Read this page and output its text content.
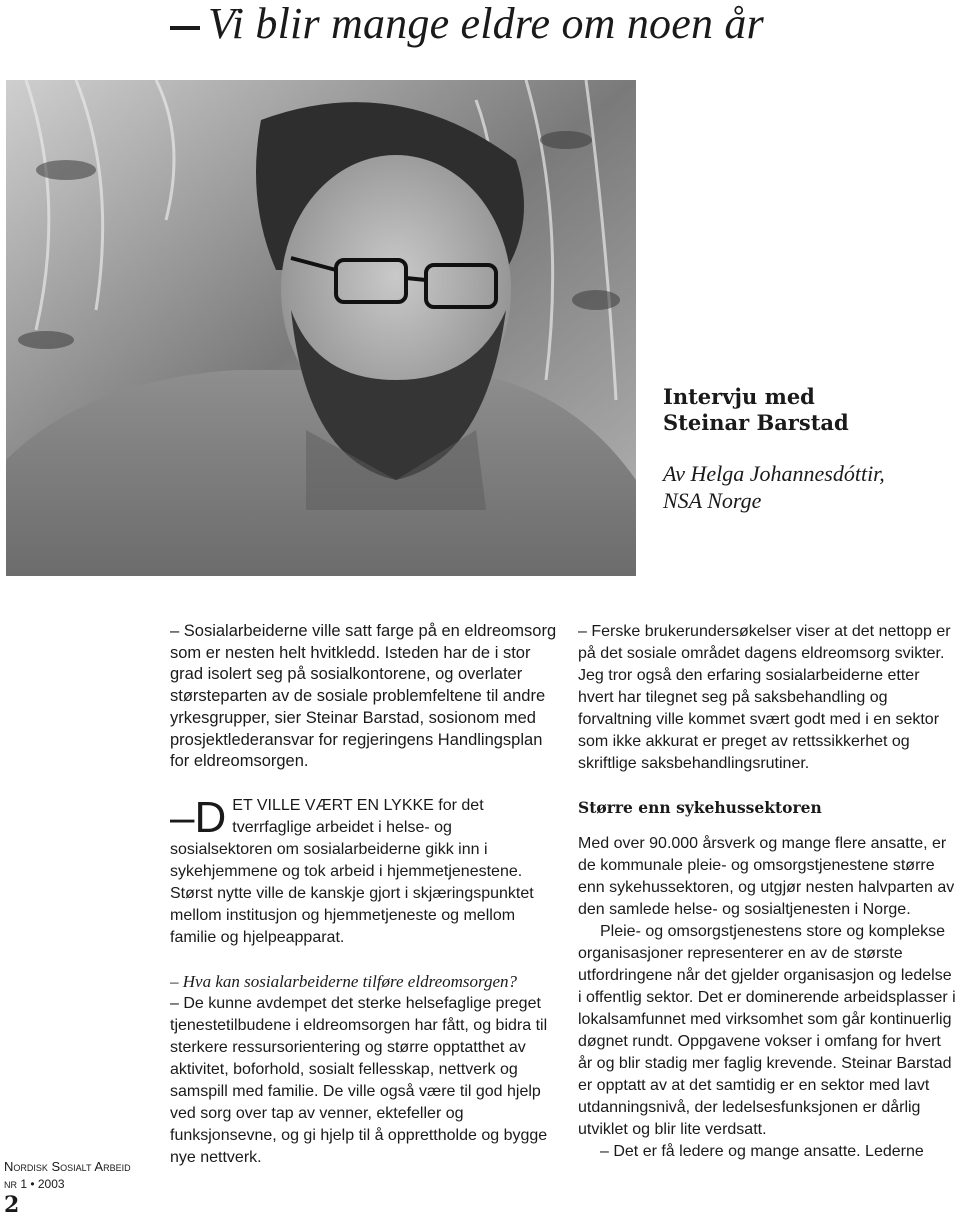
Vi blir mange eldre om noen år
Intervju med
Steinar Barstad
Av Helga Johannesdóttir,
NSA Norge
Nordisk Sosialt Arbeid
nr 1 • 2003
2

– Sosialarbeiderne ville satt farge på en eldreomsorg som er nesten helt hvitkledd. Isteden har de i stor grad isolert seg på sosialkontorene, og overlater størsteparten av de sosiale problemfeltene til andre yrkesgrupper, sier Steinar Barstad, sosionom med prosjektlederansvar for regjeringens Handlingsplan for eldreomsorgen.

–D ET VILLE VÆRT EN LYKKE for det tverrfaglige arbeidet i helse- og sosialsektoren om sosialarbeiderne gikk inn i sykehjemmene og tok arbeid i hjemmetjenestene. Størst nytte ville de kanskje gjort i skjæringspunktet mellom institusjon og hjemmetjeneste og mellom familie og hjelpeapparat.

– Hva kan sosialarbeiderne tilføre eldreomsorgen?

– De kunne avdempet det sterke helsefaglige preget tjenestetilbudene i eldreomsorgen har fått, og bidra til sterkere ressursorientering og større opptatthet av aktivitet, boforhold, sosialt fellesskap, nettverk og samspill med familie. De ville også være til god hjelp ved sorg over tap av venner, ektefeller og funksjonsevne, og gi hjelp til å opprettholde og bygge nye nettverk.

– Ferske brukerundersøkelser viser at det nettopp er på det sosiale området dagens eldreomsorg svikter. Jeg tror også den erfaring sosialarbeiderne etter hvert har tilegnet seg på saksbehandling og forvaltning ville kommet svært godt med i en sektor som ikke akkurat er preget av rettssikkerhet og skriftlige saksbehandlingsrutiner.

Større enn sykehussektoren

Med over 90.000 årsverk og mange flere ansatte, er de kommunale pleie- og omsorgstjenestene større enn sykehussektoren, og utgjør nesten halvparten av den samlede helse- og sosialtjenesten i Norge.

Pleie- og omsorgstjenestens store og komplekse organisasjoner representerer en av de største utfordringene når det gjelder organisasjon og ledelse i offentlig sektor. Det er dominerende arbeidsplasser i lokalsamfunnet med virksomhet som går kontinuerlig døgnet rundt. Oppgavene vokser i omfang for hvert år og blir stadig mer faglig krevende. Steinar Barstad er opptatt av at det samtidig er en sektor med lavt utdanningsnivå, der ledelsesfunksjonen er dårlig utviklet og blir lite verdsatt.

– Det er få ledere og mange ansatte. Lederne
